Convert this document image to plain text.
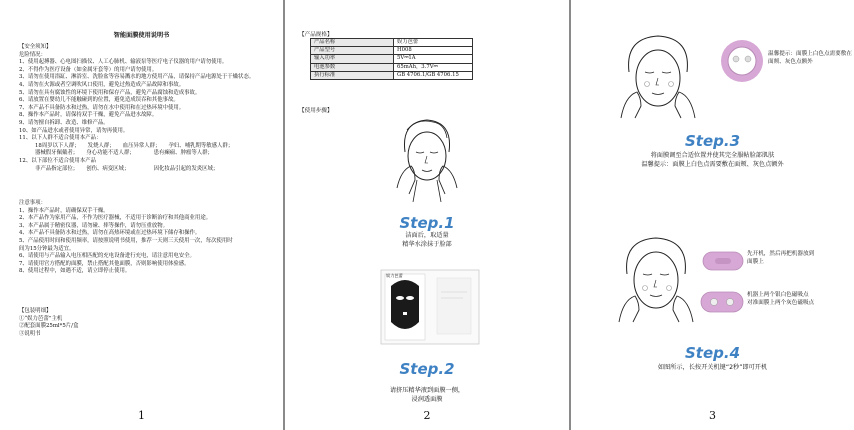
智能面膜使用说明书
【安全须知】
危险情况：
1、使用起搏器、心电图扫描仪、人工心肺机、输液泵等医疗电子仪器的用户请勿使用。
2、不得作为医疗设备（如金属牙套等）的用户请勿使用。
3、请勿在使用浴缸、淋浴室、洗脸盆等容易溅水的地方使用产品，请保持产品电源处于干燥状态。
4、请勿在火源或者空调吹风口使用，避免过热造成产品故障和事故。
5、请勿在具有腐蚀性的环境下使用和保存产品，避免产品腐蚀和造成事故。
6、请放置在婴幼儿不能触碰到的位置，避免造成误吞和其他事故。
7、本产品不具备防水和过热，请勿在水中使用和在过热环境中使用。
8、操作本产品时，请保持双手干燥，避免产品进水故障。
9、请勿擅自拆卸、改造、维修产品。
10、如产品进水或者使用异常，请勿再使用。
11、以下人群不适合使用本产品：
18周岁以下人群；　　发烧人群；　　血压异常人群；　　孕妇、哺乳期等敏感人群；
器械假牙佩戴者；　　身心功能不适人群；　　　　患有癫痫、肿瘤等人群；
12、以下部位不适合使用本产品
非产品指定部位；　　创伤、病变区域；　　　　　因化妆品引起的发炎区域；
注意事项：
1、操作本产品时，请确保双手干燥。
2、本产品作为家用产品，不作为医疗器械，不适用于诊断治疗和其他商业用途。
3、本产品属于精密仪器，请勿碰、摔等操作，请勿压重放物。
4、本产品不具备防水和过热，请勿在高热环境或在过热环境下储存和操作。
5、产品使用时间和使用频率，请按照说明书使用，推荐一天则三天使用一次，每次使用时
间为15分钟最为适宜。
6、请使用与产品输入电压相匹配的充电设备进行充电，请注意用电安全。
7、请使用官方搭配的面膜，禁止搭配其他面膜，否则影响使用体验感。
8、使用过程中，如遇不适，请立即停止使用。
【包装明细】
①“娱力芭蕾”主机
②配套面膜25ml*5片/盒
③说明书
1
【产品规格】
产品名称	娱力芭蕾
产品型号	H008
输入功率	5V⎓1A
电池参数	65mAh，3.7V⎓
执行标准	GB 4706.1/GB 4706.15
【使用步骤】
Step.1
洁面后，取适量
精华水涂抹于脸部
娱力芭蕾
Step.2
请挤压精华液到面膜一侧，
浸润透面膜
2
温馨提示：面膜上白色点需要敷在
面颊、灰色点额外
Step.3
将面膜调至合适位置并使其完全服帖脸部肌肤
温馨提示：面膜上白色点需要敷在面颊、灰色点额外
先开机，然后再把机器放到
面膜上
机器上两个银白色磁吸点
对准面膜上两个灰色磁吸点
Step.4
如图所示，长按开关机键“2秒”即可开机
3
